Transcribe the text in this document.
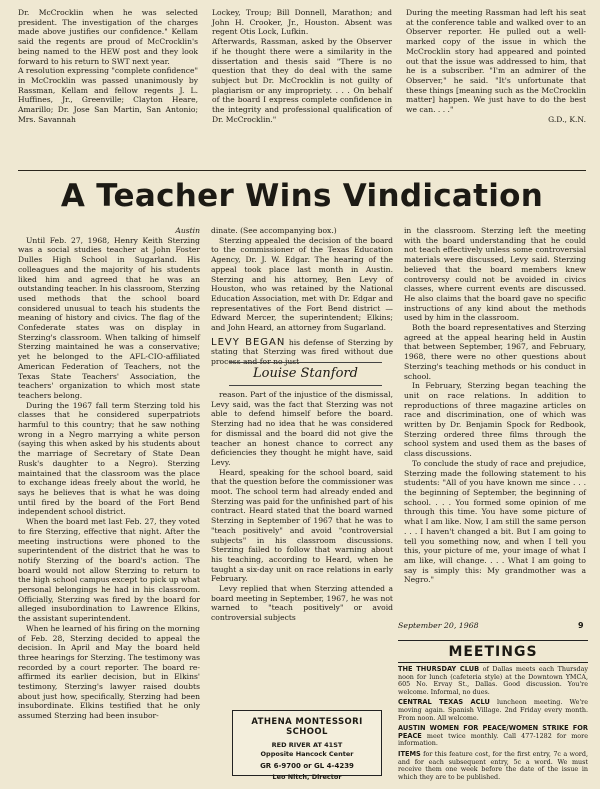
Dr. McCrocklin when he was selected president. The investigation of the charges made above justifies our confidence." Kellam said the regents are proud of McCrocklin's being named to the HEW post and they look forward to his return to SWT next year.

A resolution expressing "complete confidence" in McCrocklin was passed unanimously by Rassman, Kellam and fellow regents J. L. Huffines, Jr., Greenville; Clayton Heare, Amarillo; Dr. Jose San Martin, San Antonio; Mrs. Savannah

Lockey, Troup; Bill Donnell, Marathon; and John H. Crooker, Jr., Houston. Absent was regent Otis Lock, Lufkin.

Afterwards, Rassman, asked by the Observer if he thought there were a similarity in the dissertation and thesis said "There is no question that they do deal with the same subject but Dr. McCrocklin is not guilty of plagiarism or any impropriety. . . . On behalf of the board I express complete confidence in the integrity and professional qualification of Dr. McCrocklin."

During the meeting Rassman had left his seat at the conference table and walked over to an Observer reporter. He pulled out a well-marked copy of the issue in which the McCrocklin story had appeared and pointed out that the issue was addressed to him, that he is a subscriber. "I'm an admirer of the Observer," he said. "It's unfortunate that these things [meaning such as the McCrocklin matter] happen. We just have to do the best we can. . . ."

G.D., K.N.

A Teacher Wins Vindication

Austin

Until Feb. 27, 1968, Henry Keith Sterzing was a social studies teacher at John Foster Dulles High School in Sugarland. His colleagues and the majority of his students liked him and agreed that he was an outstanding teacher. In his classroom, Sterzing used methods that the school board considered unusual to teach his students the meaning of history and civics. The flag of the Confederate states was on display in Sterzing's classroom. When talking of himself Sterzing maintained he was a conservative; yet he belonged to the AFL-CIO-affiliated American Federation of Teachers, not the Texas State Teachers' Association, the teachers' organization to which most state teachers belong.

During the 1967 fall term Sterzing told his classes that he considered superpatriots harmful to this country; that he saw nothing wrong in a Negro marrying a white person (saying this when asked by his students about the marriage of Secretary of State Dean Rusk's daughter to a Negro). Sterzing maintained that the classroom was the place to exchange ideas freely about the world, he says he believes that is what he was doing until fired by the board of the Fort Bend independent school district.

When the board met last Feb. 27, they voted to fire Sterzing, effective that night. After the meeting instructions were phoned to the superintendent of the district that he was to notify Sterzing of the board's action. The board would not allow Sterzing to return to the high school campus except to pick up what personal belongings he had in his classroom. Officially, Sterzing was fired by the board for alleged insubordination to Lawrence Elkins, the assistant superintendent.

When he learned of his firing on the morning of Feb. 28, Sterzing decided to appeal the decision. In April and May the board held three hearings for Sterzing. The testimony was recorded by a court reporter. The board re-affirmed its earlier decision, but in Elkins' testimony, Sterzing's lawyer raised doubts about just how, specifically, Sterzing had been insubordinate. Elkins testified that he only assumed Sterzing had been insubor-

dinate. (See accompanying box.)

Sterzing appealed the decision of the board to the commissioner of the Texas Education Agency, Dr. J. W. Edgar. The hearing of the appeal took place last month in Austin. Sterzing and his attorney, Ben Levy of Houston, who was retained by the National Education Association, met with Dr. Edgar and representatives of the Fort Bend district — Edward Mercer, the superintendent; Elkins; and John Heard, an attorney from Sugarland.

LEVY BEGAN his defense of Sterzing by stating that Sterzing was fired without due process and for no just

Louise Stanford

reason. Part of the injustice of the dismissal, Levy said, was the fact that Sterzing was not able to defend himself before the board. Sterzing had no idea that he was considered for dismissal and the board did not give the teacher an honest chance to correct any deficiencies they thought he might have, said Levy.

Heard, speaking for the school board, said that the question before the commissioner was moot. The school term had already ended and Sterzing was paid for the unfinished part of his contract. Heard stated that the board warned Sterzing in September of 1967 that he was to "teach positively" and avoid "controversial subjects" in his classroom discussions. Sterzing failed to follow that warning about his teaching, according to Heard, when he taught a six-day unit on race relations in early February.

Levy replied that when Sterzing attended a board meeting in September, 1967, he was not warned to "teach positively" or avoid controversial subjects

in the classroom. Sterzing left the meeting with the board understanding that he could not teach effectively unless some controversial materials were discussed, Levy said. Sterzing believed that the board members knew controversy could not be avoided in civics classes, where current events are discussed. He also claims that the board gave no specific instructions of any kind about the methods used by him in the classroom.

Both the board representatives and Sterzing agreed at the appeal hearing held in Austin that between September, 1967, and February, 1968, there were no other questions about Sterzing's teaching methods or his conduct in school.

In February, Sterzing began teaching the unit on race relations. In addition to reproductions of three magazine articles on race and discrimination, one of which was written by Dr. Benjamin Spock for Redbook, Sterzing ordered three films through the school system and used them as the bases of class discussions.

To conclude the study of race and prejudice, Sterzing made the following statement to his students: "All of you have known me since . . . the beginning of September, the beginning of school. . . . You formed some opinion of me through this time. You have some picture of what I am like. Now, I am still the same person . . . I haven't changed a bit. But I am going to tell you something now, and when I tell you this, your picture of me, your image of what I am like, will change. . . . What I am going to say is simply this: My grandmother was a Negro."

ATHENA MONTESSORI SCHOOL
RED RIVER AT 41ST
Opposite Hancock Center
GR 6-9700 or GL 4-4239
Leo Nitch, Director
September 20, 1968	9
MEETINGS
THE THURSDAY CLUB of Dallas meets each Thursday noon for lunch (cafeteria style) at the Downtown YMCA, 605 No. Ervay St., Dallas. Good discussion. You're welcome. Informal, no dues.
CENTRAL TEXAS ACLU luncheon meeting. We're moving again. Spanish Village. 2nd Friday every month. From noon. All welcome.
AUSTIN WOMEN FOR PEACE/WOMEN STRIKE FOR PEACE meet twice monthly. Call 477-1282 for more information.
ITEMS for this feature cost, for the first entry, 7c a word, and for each subsequent entry, 5c a word. We must receive them one week before the date of the issue in which they are to be published.
